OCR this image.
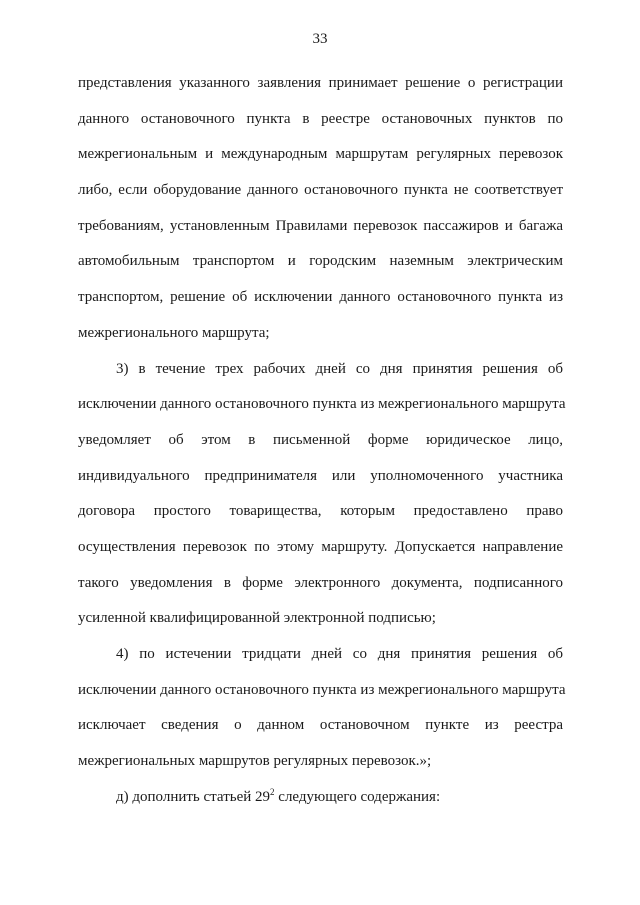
33
представления указанного заявления принимает решение о регистрации
данного остановочного пункта в реестре остановочных пунктов по
межрегиональным и международным маршрутам регулярных перевозок
либо, если оборудование данного остановочного пункта не соответствует
требованиям, установленным Правилами перевозок пассажиров и багажа
автомобильным транспортом и городским наземным электрическим
транспортом, решение об исключении данного остановочного пункта из
межрегионального маршрута;
3) в течение трех рабочих дней со дня принятия решения об
исключении данного остановочного пункта из межрегионального маршрута
уведомляет об этом в письменной форме юридическое лицо,
индивидуального предпринимателя или уполномоченного участника
договора простого товарищества, которым предоставлено право
осуществления перевозок по этому маршруту. Допускается направление
такого уведомления в форме электронного документа, подписанного
усиленной квалифицированной электронной подписью;
4) по истечении тридцати дней со дня принятия решения об
исключении данного остановочного пункта из межрегионального маршрута
исключает сведения о данном остановочном пункте из реестра
межрегиональных маршрутов регулярных перевозок.»;
д) дополнить статьей $29^2$ следующего содержания:
